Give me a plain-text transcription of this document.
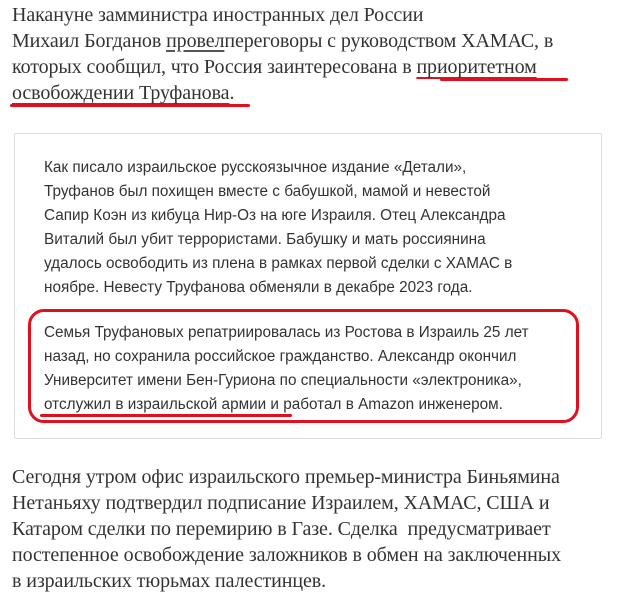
Накануне замминистра иностранных дел России
Михаил Богданов провелпереговоры с руководством ХАМАС, в
которых сообщил, что Россия заинтересована в приоритетном
освобождении Труфанова.
Как писало израильское русскоязычное издание «Детали»,
Труфанов был похищен вместе с бабушкой, мамой и невестой
Сапир Коэн из кибуца Нир-Оз на юге Израиля. Отец Александра
Виталий был убит террористами. Бабушку и мать россиянина
удалось освободить из плена в рамках первой сделки с ХАМАС в
ноябре. Невесту Труфанова обменяли в декабре 2023 года.
Семья Труфановых репатриировалась из Ростова в Израиль 25 лет
назад, но сохранила российское гражданство. Александр окончил
Университет имени Бен-Гуриона по специальности «электроника»,
отслужил в израильской армии и работал в Amazon инженером.
Сегодня утром офис израильского премьер-министра Биньямина
Нетаньяху подтвердил подписание Израилем, ХАМАС, США и
Катаром сделки по перемирию в Газе. Сделка  предусматривает
постепенное освобождение заложников в обмен на заключенных
в израильских тюрьмах палестинцев.
